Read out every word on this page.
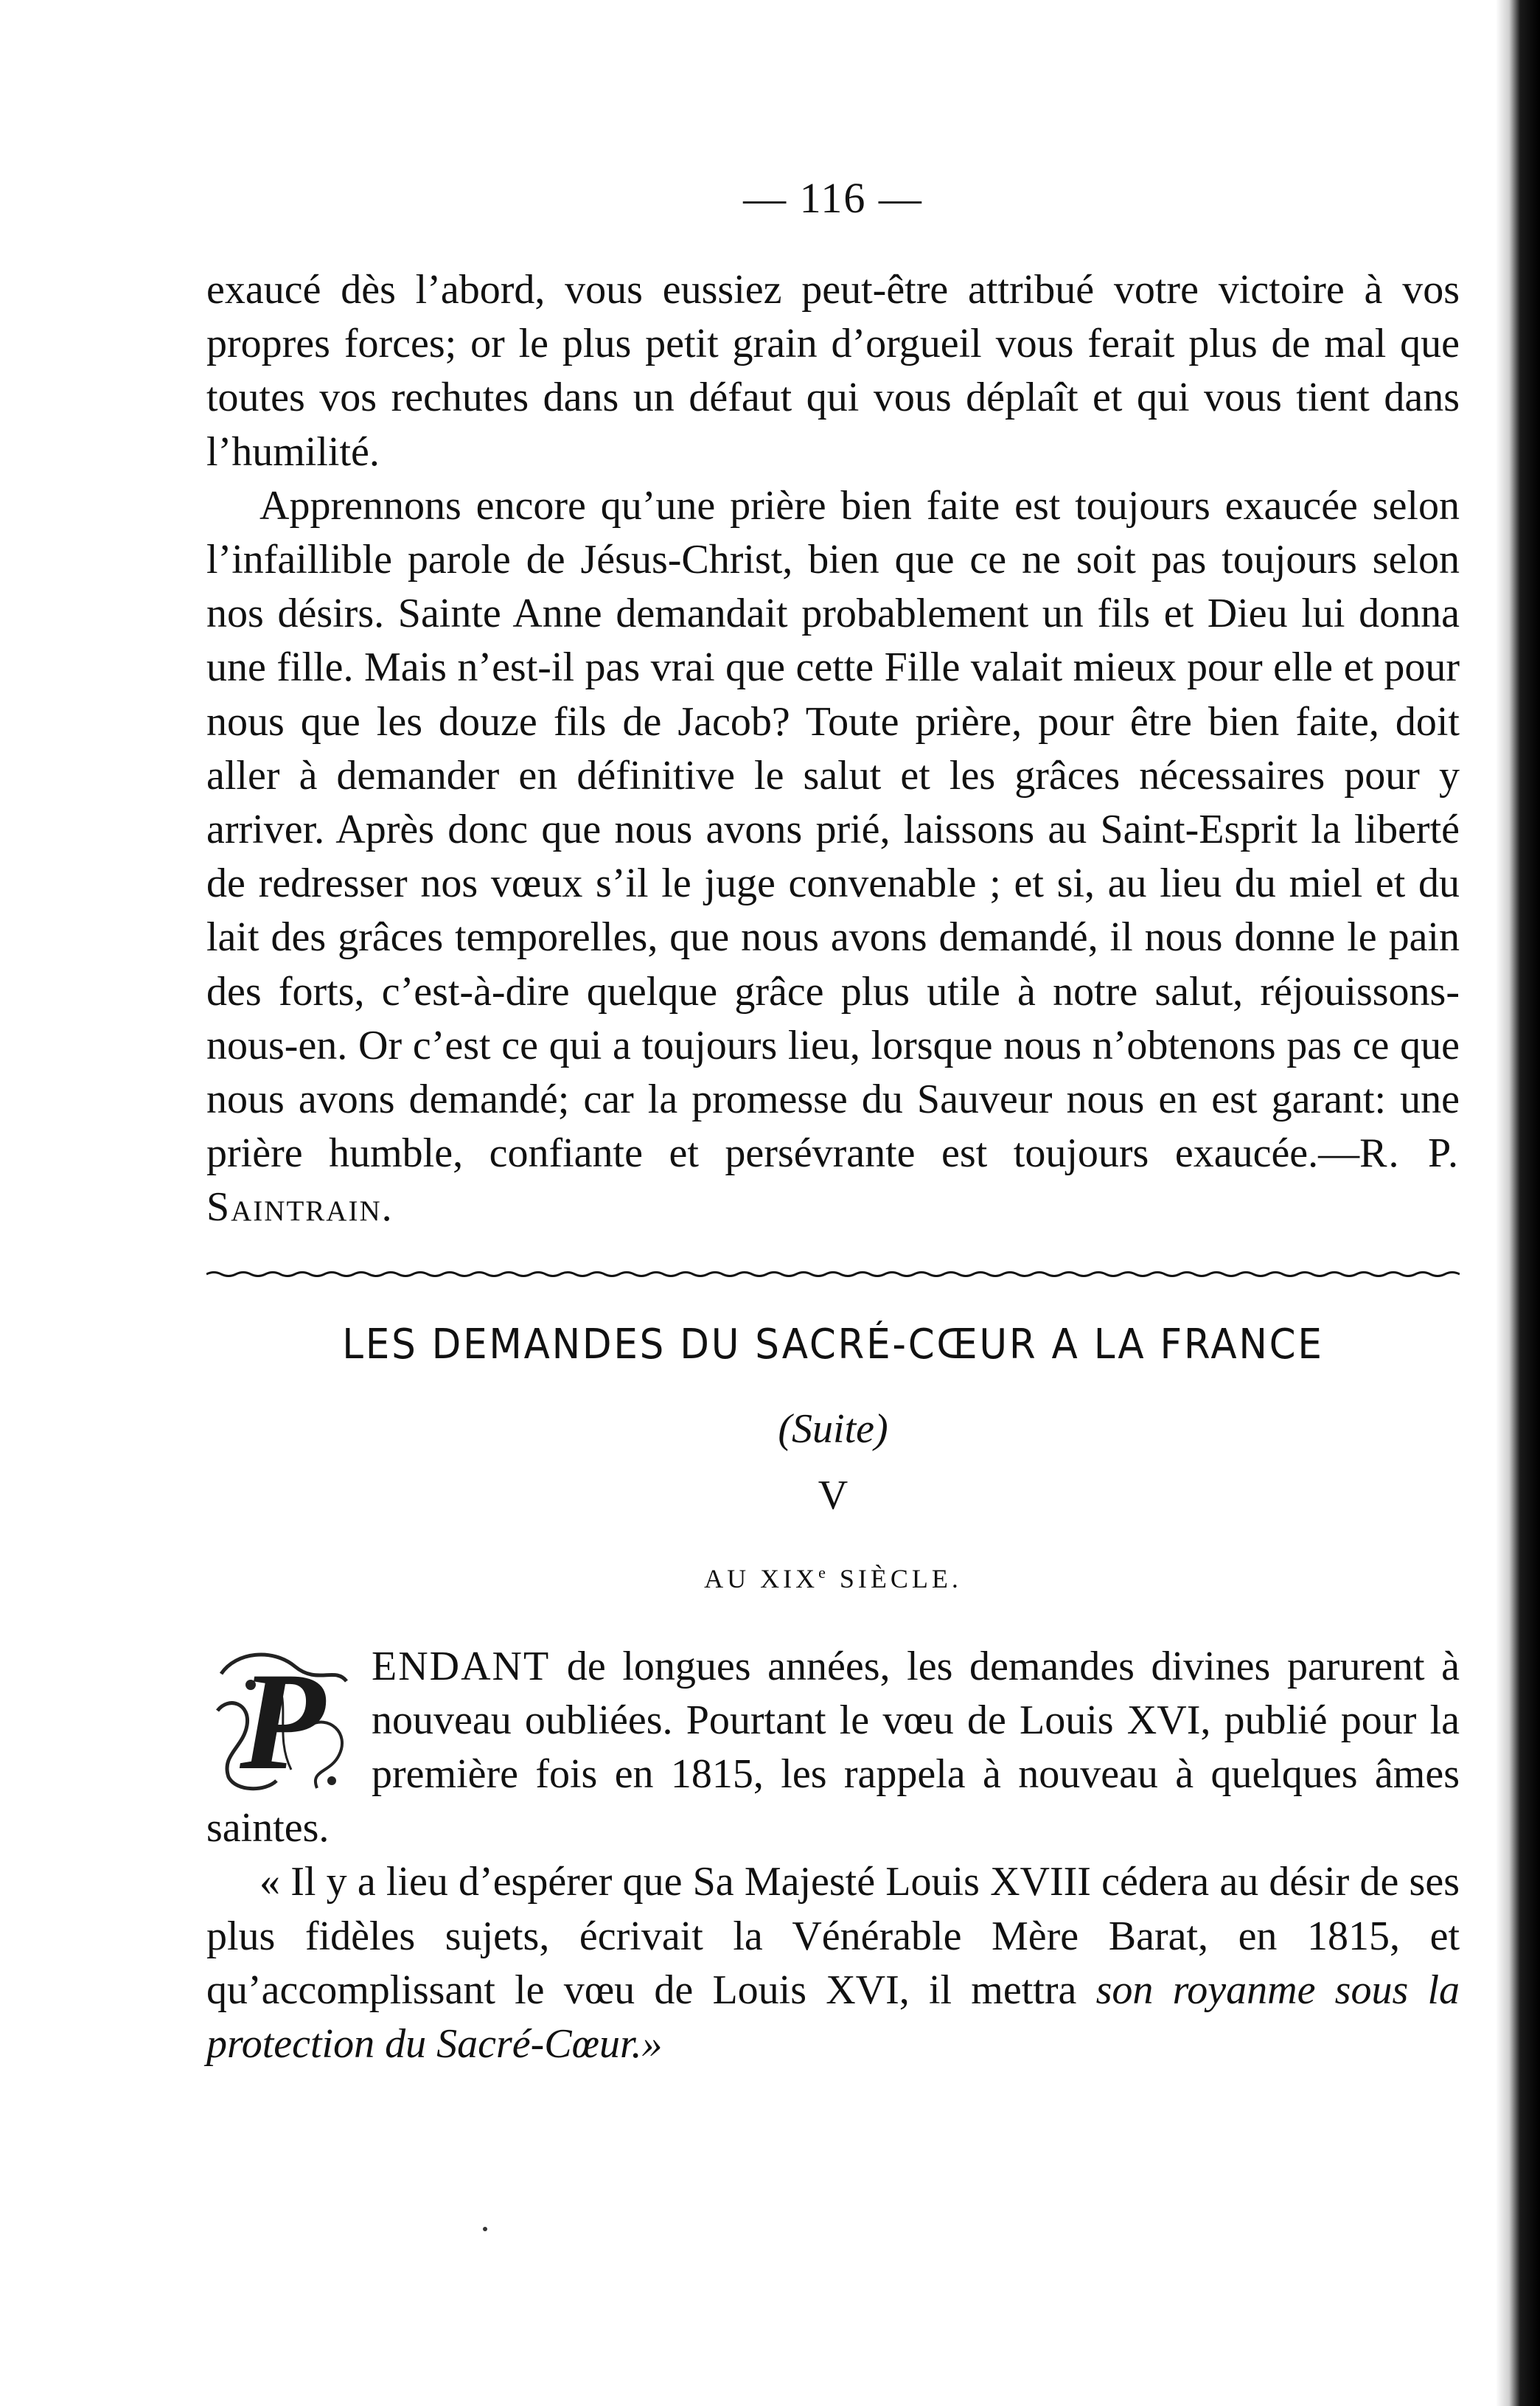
— 116 —

exaucé dès l’abord, vous eussiez peut-être attribué votre victoire à vos propres forces; or le plus petit grain d’orgueil vous ferait plus de mal que toutes vos rechutes dans un défaut qui vous déplaît et qui vous tient dans l’humilité.

Apprennons encore qu’une prière bien faite est toujours exaucée selon l’infaillible parole de Jésus-Christ, bien que ce ne soit pas toujours selon nos désirs. Sainte Anne demandait probablement un fils et Dieu lui donna une fille. Mais n’est-il pas vrai que cette Fille valait mieux pour elle et pour nous que les douze fils de Jacob? Toute prière, pour être bien faite, doit aller à demander en définitive le salut et les grâces nécessaires pour y arriver. Après donc que nous avons prié, laissons au Saint-Esprit la liberté de redresser nos vœux s’il le juge convenable ; et si, au lieu du miel et du lait des grâces temporelles, que nous avons demandé, il nous donne le pain des forts, c’est-à-dire quelque grâce plus utile à notre salut, réjouissons-nous-en. Or c’est ce qui a toujours lieu, lorsque nous n’obtenons pas ce que nous avons demandé; car la promesse du Sauveur nous en est garant: une prière humble, confiante et persévrante est toujours exaucée.—R. P. Saintrain.

LES DEMANDES DU SACRÉ-CŒUR A LA FRANCE
(Suite)
V
AU XIXe SIÈCLE.
P	ENDANT de longues années, les demandes divines parurent à nouveau oubliées. Pourtant le vœu de Louis XVI, publié pour la première fois en 1815, les rappela à nouveau à quelques âmes saintes.

« Il y a lieu d’espérer que Sa Majesté Louis XVIII cédera au désir de ses plus fidèles sujets, écrivait la Vénérable Mère Barat, en 1815, et qu’accomplissant le vœu de Louis XVI, il mettra son royanme sous la protection du Sacré-Cœur.»
